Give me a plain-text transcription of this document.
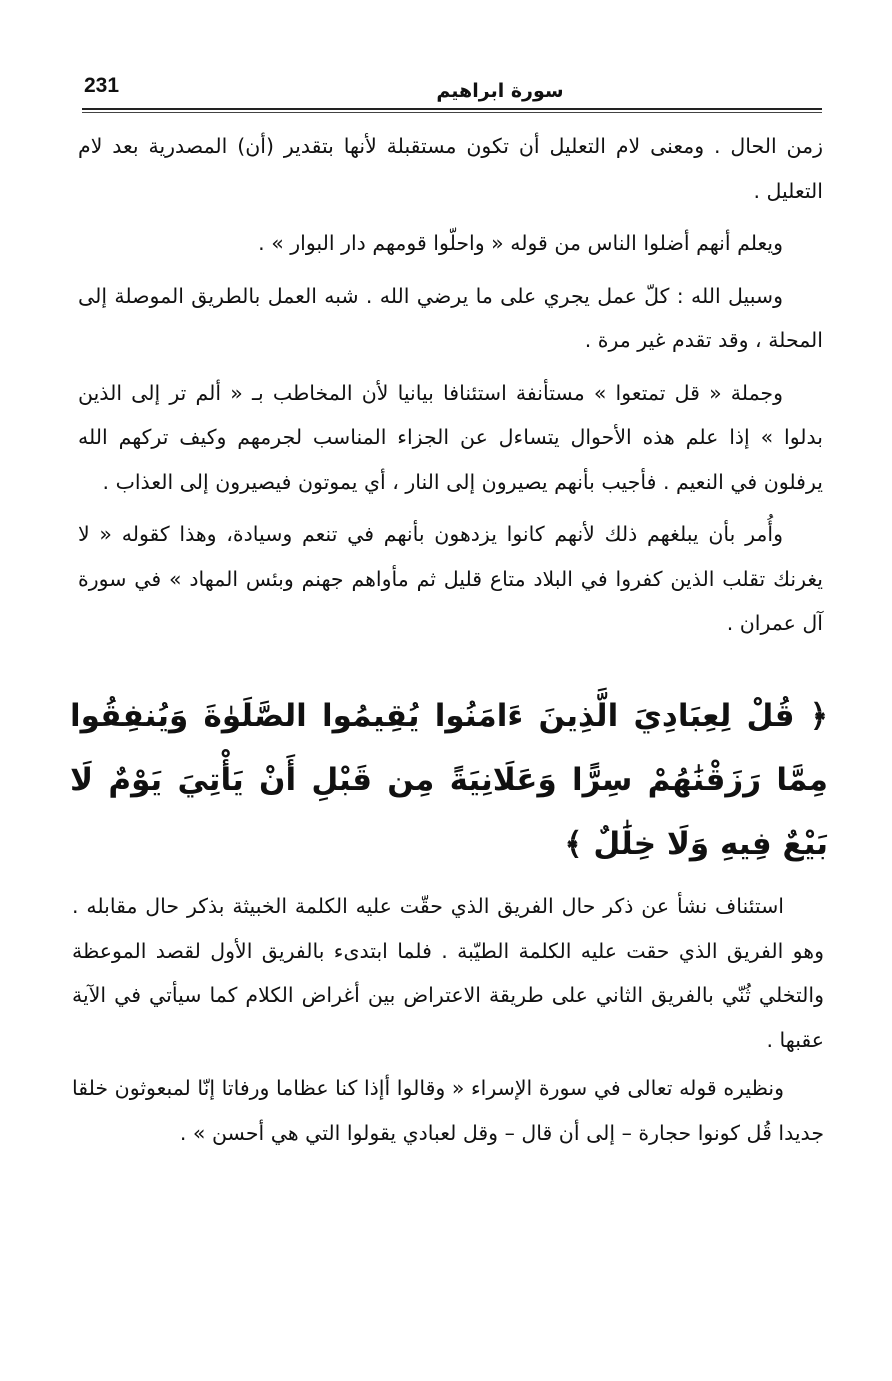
231	سورة ابراهيم

زمن الحال . ومعنى لام التعليل أن تكون مستقبلة لأنها بتقدير (أن) المصدرية بعد لام التعليل .

ويعلم أنهم أضلوا الناس من قوله « واحلّوا قومهم دار البوار » .

وسبيل الله : كلّ عمل يجري على ما يرضي الله . شبه العمل بالطريق الموصلة إلى المحلة ، وقد تقدم غير مرة .

وجملة « قل تمتعوا » مستأنفة استئنافا بيانيا لأن المخاطب بـ « ألم تر إلى الذين بدلوا » إذا علم هذه الأحوال يتساءل عن الجزاء المناسب لجرمهم وكيف تركهم الله يرفلون في النعيم . فأجيب بأنهم يصيرون إلى النار ، أي يموتون فيصيرون إلى العذاب .

وأُمر بأن يبلغهم ذلك لأنهم كانوا يزدهون بأنهم في تنعم وسيادة، وهذا كقوله « لا يغرنك تقلب الذين كفروا في البلاد متاع قليل ثم مأواهم جهنم وبئس المهاد » في سورة آل عمران .

﴿ قُلْ لِعِبَادِيَ الَّذِينَ ءَامَنُوا يُقِيمُوا الصَّلَوٰةَ وَيُنفِقُوا مِمَّا رَزَقْنَٰهُمْ سِرًّا وَعَلَانِيَةً مِن قَبْلِ أَنْ يَأْتِيَ يَوْمٌ لَا بَيْعٌ فِيهِ وَلَا خِلَٰلٌ ﴾

استئناف نشأ عن ذكر حال الفريق الذي حقّت عليه الكلمة الخبيثة بذكر حال مقابله . وهو الفريق الذي حقت عليه الكلمة الطيّبة . فلما ابتدىء بالفريق الأول لقصد الموعظة والتخلي ثُنّي بالفريق الثاني على طريقة الاعتراض بين أغراض الكلام كما سيأتي في الآية عقبها .

ونظيره قوله تعالى في سورة الإسراء « وقالوا أإذا كنا عظاما ورفاتا إنّا لمبعوثون خلقا جديدا قُل كونوا حجارة – إلى أن قال – وقل لعبادي يقولوا التي هي أحسن » .
